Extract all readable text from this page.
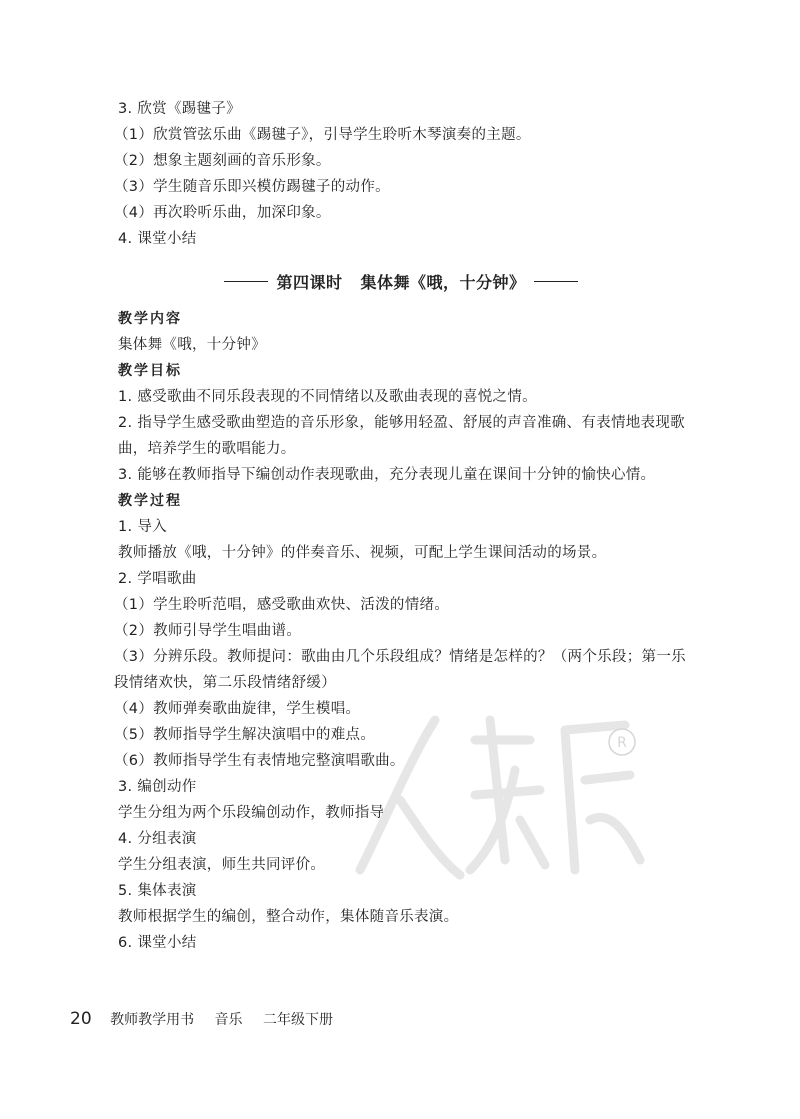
3. 欣赏《踢毽子》
（1）欣赏管弦乐曲《踢毽子》，引导学生聆听木琴演奏的主题。
（2）想象主题刻画的音乐形象。
（3）学生随音乐即兴模仿踢毽子的动作。
（4）再次聆听乐曲，加深印象。
4. 课堂小结
第四课时 集体舞《哦，十分钟》
教学内容
集体舞《哦，十分钟》
教学目标
1. 感受歌曲不同乐段表现的不同情绪以及歌曲表现的喜悦之情。
2. 指导学生感受歌曲塑造的音乐形象，能够用轻盈、舒展的声音准确、有表情地表现歌曲，培养学生的歌唱能力。
3. 能够在教师指导下编创动作表现歌曲，充分表现儿童在课间十分钟的愉快心情。
教学过程
1. 导入
教师播放《哦，十分钟》的伴奏音乐、视频，可配上学生课间活动的场景。
2. 学唱歌曲
（1）学生聆听范唱，感受歌曲欢快、活泼的情绪。
（2）教师引导学生唱曲谱。
（3）分辨乐段。教师提问：歌曲由几个乐段组成？情绪是怎样的？（两个乐段；第一乐段情绪欢快，第二乐段情绪舒缓）
（4）教师弹奏歌曲旋律，学生模唱。
（5）教师指导学生解决演唱中的难点。
（6）教师指导学生有表情地完整演唱歌曲。
3. 编创动作
学生分组为两个乐段编创动作，教师指导。
4. 分组表演
学生分组表演，师生共同评价。
5. 集体表演
教师根据学生的编创，整合动作，集体随音乐表演。
6. 课堂小结
R
20 教师教学用书 音乐 二年级下册
